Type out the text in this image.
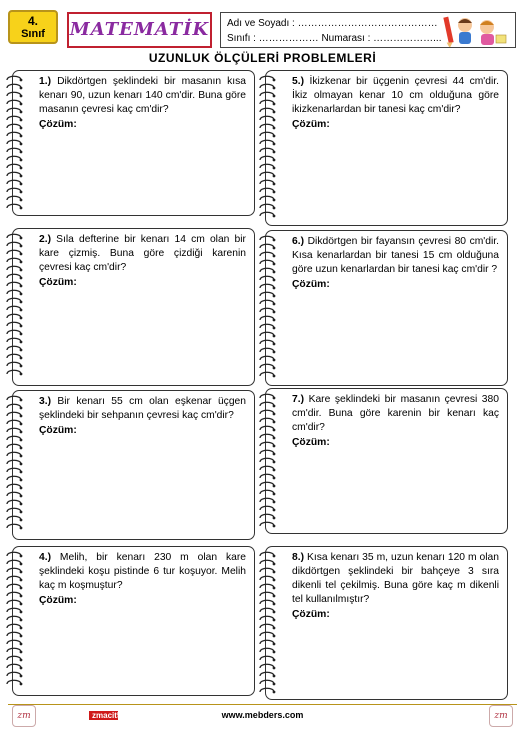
4.
Sınıf	MATEMATİK Adı ve Soyadı : ……………………………………
Sınıfı : ……………… Numarası : ………………...
UZUNLUK ÖLÇÜLERİ PROBLEMLERİ
1.) Dikdörtgen şeklindeki bir masanın kısa kenarı 90, uzun kenarı 140 cm'dir. Buna göre masanın çevresi kaç cm'dir?
Çözüm:
2.) Sıla defterine bir kenarı 14 cm olan bir kare çizmiş. Buna göre çizdiği karenin çevresi kaç cm'dir?
Çözüm:
3.) Bir kenarı 55 cm olan eşkenar üçgen şeklindeki bir sehpanın çevresi kaç cm'dir?
Çözüm:
4.) Melih, bir kenarı 230 m olan kare şeklindeki koşu pistinde 6 tur koşuyor. Melih kaç m koşmuştur?
Çözüm:
5.) İkizkenar bir üçgenin çevresi 44 cm'dir. İkiz olmayan kenar 10 cm olduğuna göre ikizkenarlardan bir tanesi kaç cm'dir?
Çözüm:
6.) Dikdörtgen bir fayansın çevresi 80 cm'dir. Kısa kenarlardan bir tanesi 15 cm olduğuna göre uzun kenarlardan bir tanesi kaç cm'dir ?
Çözüm:
7.) Kare şeklindeki bir masanın çevresi 380 cm'dir. Buna göre karenin bir kenarı kaç cm'dir?
Çözüm:
8.) Kısa kenarı 35 m, uzun kenarı 120 m olan dikdörtgen şeklindeki bir bahçeye 3 sıra dikenli tel çekilmiş. Buna göre kaç m dikenli tel kullanılmıştır?
Çözüm:
zm	zmacit58	www.mebders.com	zm
